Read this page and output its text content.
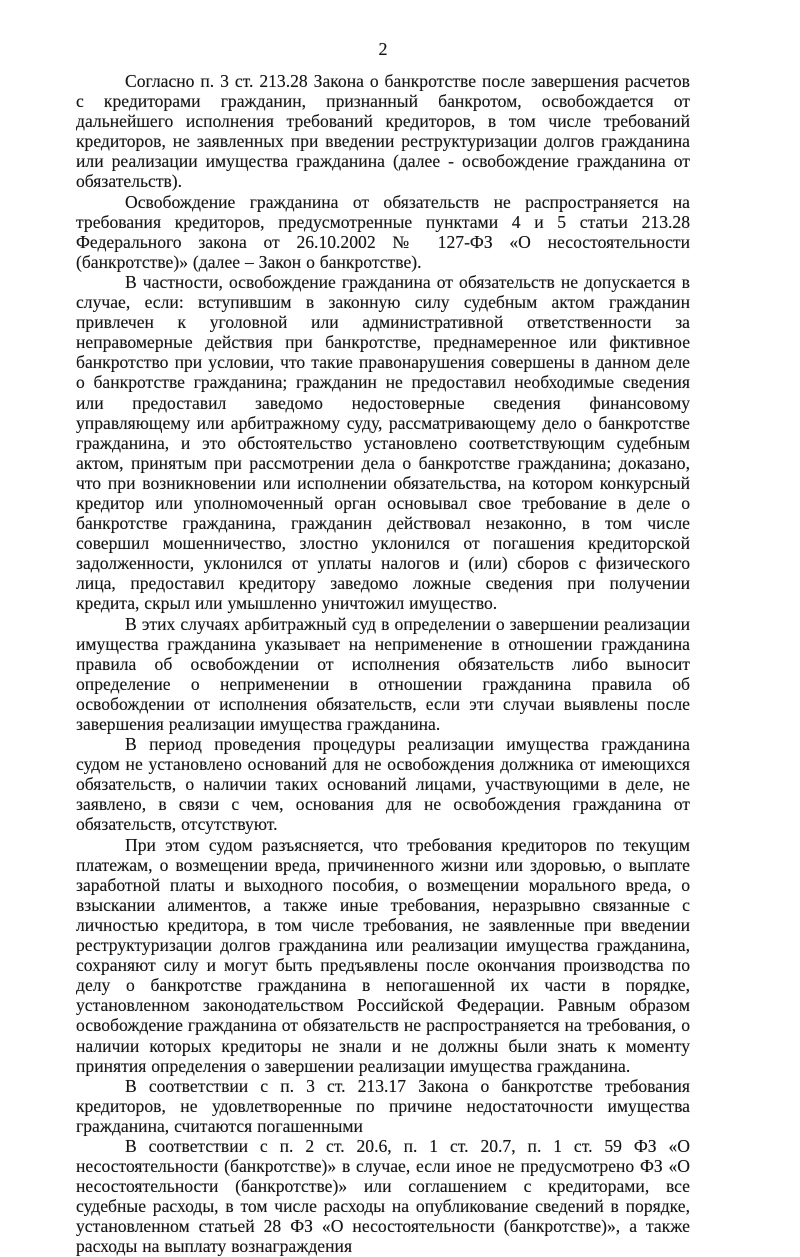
2

Согласно п. 3 ст. 213.28 Закона о банкротстве после завершения расчетов с кредиторами гражданин, признанный банкротом, освобождается от дальнейшего исполнения требований кредиторов, в том числе требований кредиторов, не заявленных при введении реструктуризации долгов гражданина или реализации имущества гражданина (далее - освобождение гражданина от обязательств).

Освобождение гражданина от обязательств не распространяется на требования кредиторов, предусмотренные пунктами 4 и 5 статьи 213.28 Федерального закона от 26.10.2002 № 127-ФЗ «О несостоятельности (банкротстве)» (далее – Закон о банкротстве).

В частности, освобождение гражданина от обязательств не допускается в случае, если: вступившим в законную силу судебным актом гражданин привлечен к уголовной или административной ответственности за неправомерные действия при банкротстве, преднамеренное или фиктивное банкротство при условии, что такие правонарушения совершены в данном деле о банкротстве гражданина; гражданин не предоставил необходимые сведения или предоставил заведомо недостоверные сведения финансовому управляющему или арбитражному суду, рассматривающему дело о банкротстве гражданина, и это обстоятельство установлено соответствующим судебным актом, принятым при рассмотрении дела о банкротстве гражданина; доказано, что при возникновении или исполнении обязательства, на котором конкурсный кредитор или уполномоченный орган основывал свое требование в деле о банкротстве гражданина, гражданин действовал незаконно, в том числе совершил мошенничество, злостно уклонился от погашения кредиторской задолженности, уклонился от уплаты налогов и (или) сборов с физического лица, предоставил кредитору заведомо ложные сведения при получении кредита, скрыл или умышленно уничтожил имущество.

В этих случаях арбитражный суд в определении о завершении реализации имущества гражданина указывает на неприменение в отношении гражданина правила об освобождении от исполнения обязательств либо выносит определение о неприменении в отношении гражданина правила об освобождении от исполнения обязательств, если эти случаи выявлены после завершения реализации имущества гражданина.

В период проведения процедуры реализации имущества гражданина судом не установлено оснований для не освобождения должника от имеющихся обязательств, о наличии таких оснований лицами, участвующими в деле, не заявлено, в связи с чем, основания для не освобождения гражданина от обязательств, отсутствуют.

При этом судом разъясняется, что требования кредиторов по текущим платежам, о возмещении вреда, причиненного жизни или здоровью, о выплате заработной платы и выходного пособия, о возмещении морального вреда, о взыскании алиментов, а также иные требования, неразрывно связанные с личностью кредитора, в том числе требования, не заявленные при введении реструктуризации долгов гражданина или реализации имущества гражданина, сохраняют силу и могут быть предъявлены после окончания производства по делу о банкротстве гражданина в непогашенной их части в порядке, установленном законодательством Российской Федерации. Равным образом освобождение гражданина от обязательств не распространяется на требования, о наличии которых кредиторы не знали и не должны были знать к моменту принятия определения о завершении реализации имущества гражданина.

В соответствии с п. 3 ст. 213.17 Закона о банкротстве требования кредиторов, не удовлетворенные по причине недостаточности имущества гражданина, считаются погашенными

В соответствии с п. 2 ст. 20.6, п. 1 ст. 20.7, п. 1 ст. 59 ФЗ «О несостоятельности (банкротстве)» в случае, если иное не предусмотрено ФЗ «О несостоятельности (банкротстве)» или соглашением с кредиторами, все судебные расходы, в том числе расходы на опубликование сведений в порядке, установленном статьей 28 ФЗ «О несостоятельности (банкротстве)», а также расходы на выплату вознаграждения
